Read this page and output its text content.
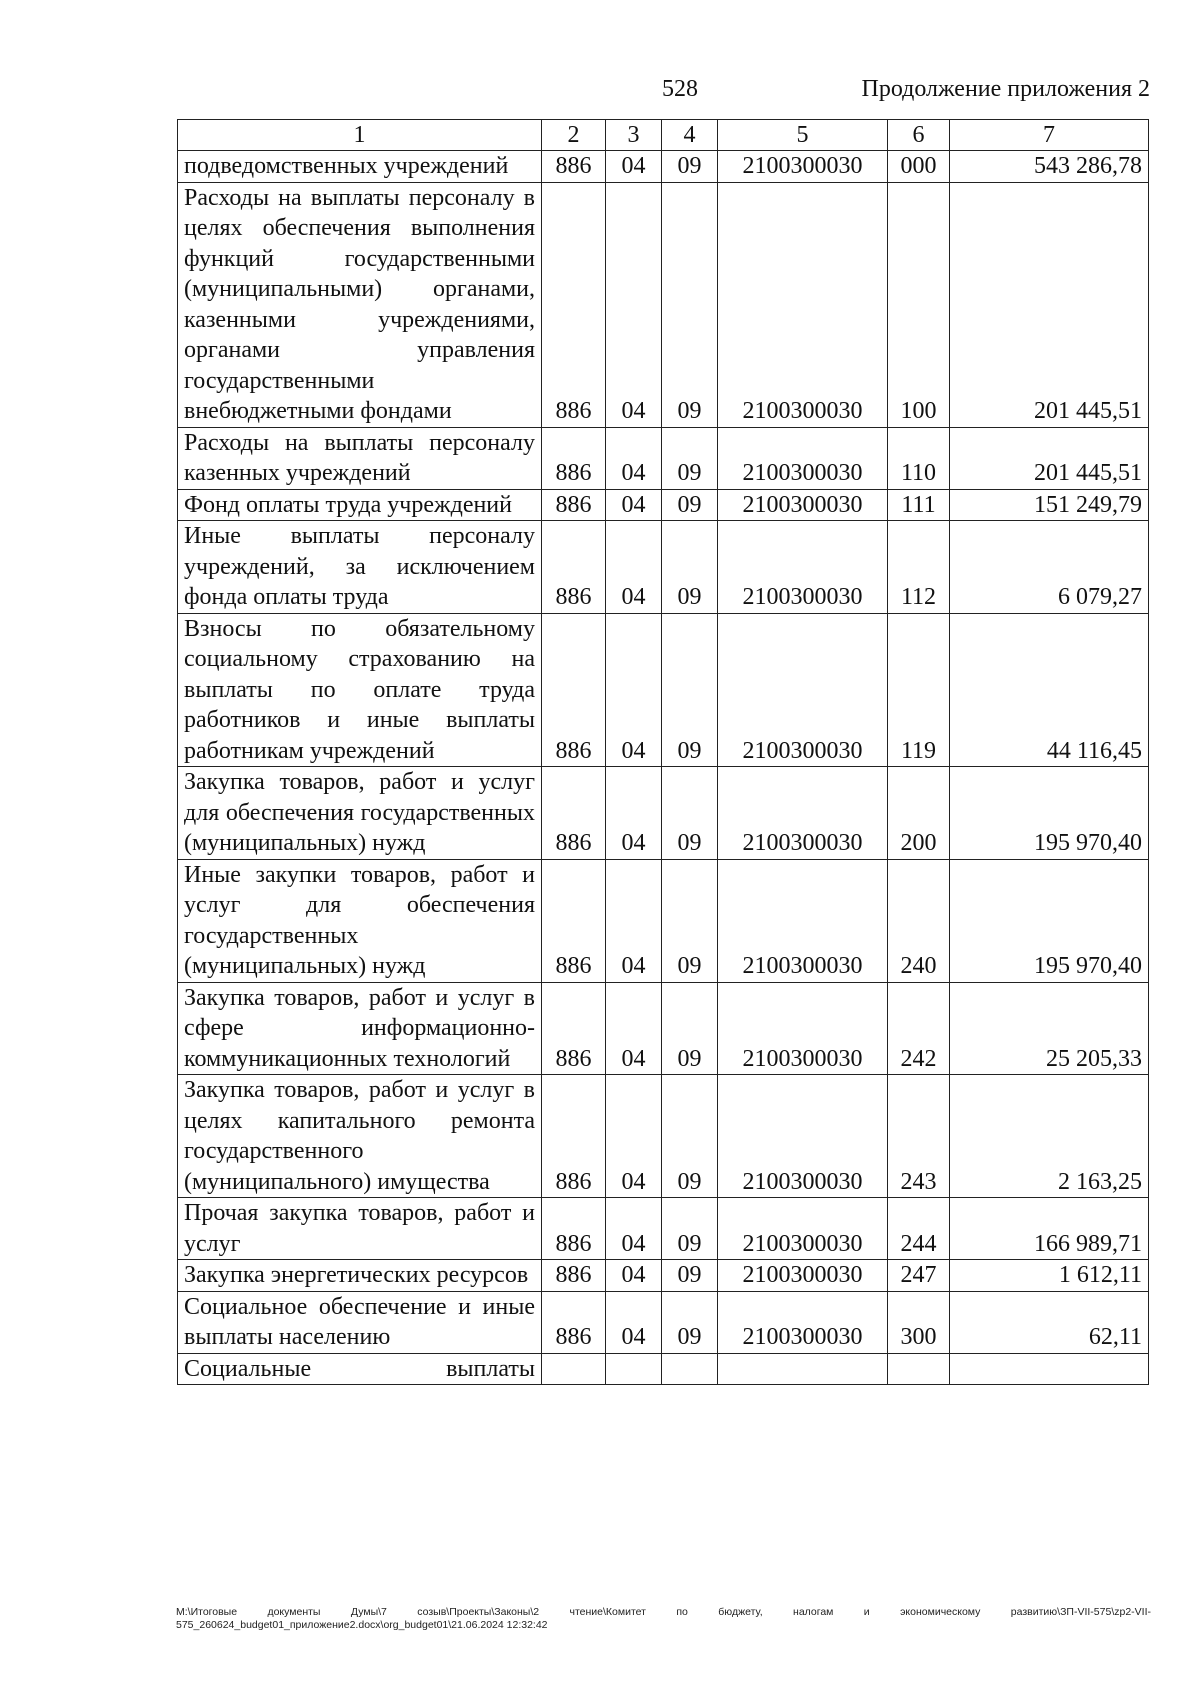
528	Продолжение приложения 2
1	2	3	4	5	6	7
подведомственных учреждений	886	04	09	2100300030	000	543 286,78
Расходы на выплаты персоналу в целях обеспечения выполнения функций государственными (муниципальными) органами, казенными учреждениями, органами управления государственными внебюджетными фондами	886	04	09	2100300030	100	201 445,51
Расходы на выплаты персоналу казенных учреждений	886	04	09	2100300030	110	201 445,51
Фонд оплаты труда учреждений	886	04	09	2100300030	111	151 249,79
Иные выплаты персоналу учреждений, за исключением фонда оплаты труда	886	04	09	2100300030	112	6 079,27
Взносы по обязательному социальному страхованию на выплаты по оплате труда работников и иные выплаты работникам учреждений	886	04	09	2100300030	119	44 116,45
Закупка товаров, работ и услуг для обеспечения государственных (муниципальных) нужд	886	04	09	2100300030	200	195 970,40
Иные закупки товаров, работ и услуг для обеспечения государственных (муниципальных) нужд	886	04	09	2100300030	240	195 970,40
Закупка товаров, работ и услуг в сфере информационно-коммуникационных технологий	886	04	09	2100300030	242	25 205,33
Закупка товаров, работ и услуг в целях капитального ремонта государственного (муниципального) имущества	886	04	09	2100300030	243	2 163,25
Прочая закупка товаров, работ и услуг	886	04	09	2100300030	244	166 989,71
Закупка энергетических ресурсов	886	04	09	2100300030	247	1 612,11
Социальное обеспечение и иные выплаты населению	886	04	09	2100300030	300	62,11
Социальные выплаты						
M:\Итоговые документы Думы\7 созыв\Проекты\Законы\2 чтение\Комитет по бюджету, налогам и экономическому развитию\ЗП-VII-575\zp2-VII-575_260624_budget01_приложение2.docx\org_budget01\21.06.2024 12:32:42
